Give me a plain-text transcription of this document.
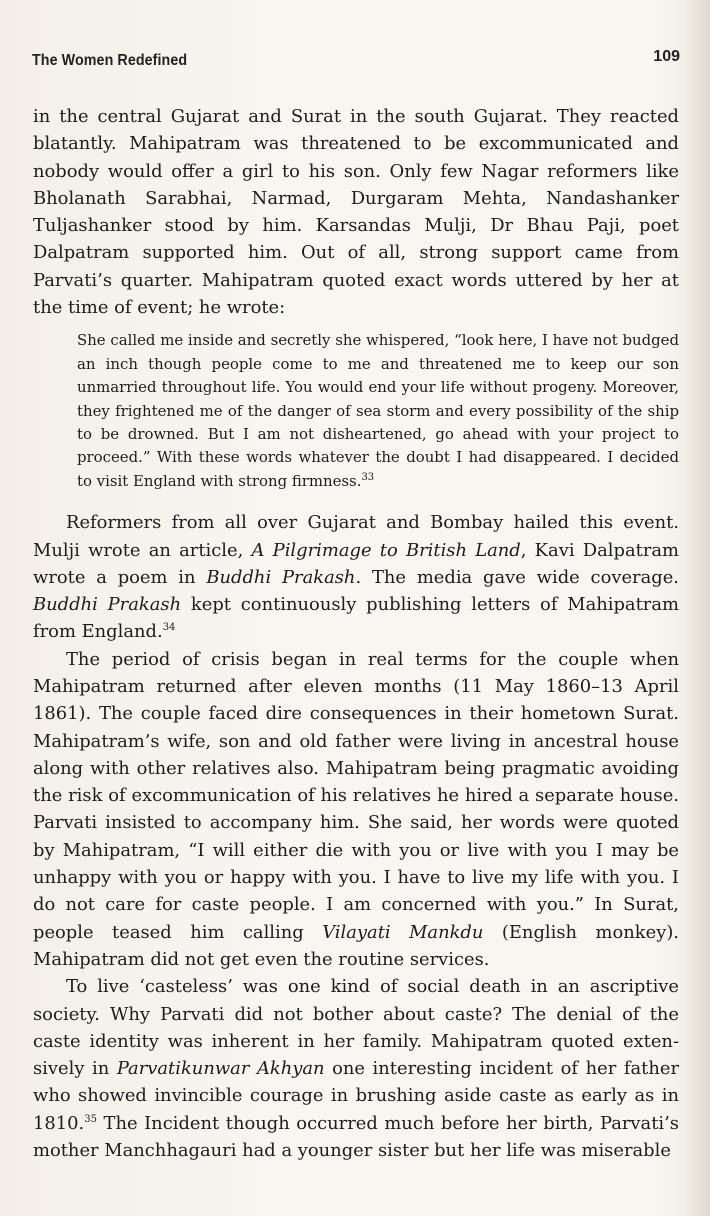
The Women Redefined	109

in the central Gujarat and Surat in the south Gujarat. They reacted blatantly. Mahipatram was threatened to be excommunicated and nobody would offer a girl to his son. Only few Nagar reformers like Bholanath Sarabhai, Narmad, Durgaram Mehta, Nandashanker Tuljashanker stood by him. Karsandas Mulji, Dr Bhau Paji, poet Dalpatram supported him. Out of all, strong support came from Parvati’s quarter. Mahipatram quoted exact words uttered by her at the time of event; he wrote:

She called me inside and secretly she whispered, “look here, I have not budged an inch though people come to me and threatened me to keep our son unmarried throughout life. You would end your life without progeny. Moreover, they frightened me of the danger of sea storm and every possibility of the ship to be drowned. But I am not disheartened, go ahead with your project to proceed.” With these words whatever the doubt I had disappeared. I decided to visit England with strong firmness.$^{33}$

Reformers from all over Gujarat and Bombay hailed this event. Mulji wrote an article, A Pilgrimage to British Land, Kavi Dalpatram wrote a poem in Buddhi Prakash. The media gave wide coverage. Buddhi Prakash kept continuously publishing letters of Mahipatram from England.$^{34}$

The period of crisis began in real terms for the couple when Mahipatram returned after eleven months (11 May 1860–13 April 1861). The couple faced dire consequences in their hometown Surat. Mahipatram’s wife, son and old father were living in ancestral house along with other relatives also. Mahipatram being pragmatic avoiding the risk of excommunication of his relatives he hired a separate house. Parvati insisted to accompany him. She said, her words were quoted by Mahipatram, “I will either die with you or live with you I may be unhappy with you or happy with you. I have to live my life with you. I do not care for caste people. I am concerned with you.” In Surat, people teased him calling Vilayati Mankdu (English monkey). Mahipatram did not get even the routine services.

To live ‘casteless’ was one kind of social death in an ascriptive society. Why Parvati did not bother about caste? The denial of the caste identity was inherent in her family. Mahipatram quoted exten-sively in Parvatikunwar Akhyan one interesting incident of her father who showed invincible courage in brushing aside caste as early as in 1810.35 The Incident though occurred much before her birth, Parvati’s mother Manchhagauri had a younger sister but her life was miserable
